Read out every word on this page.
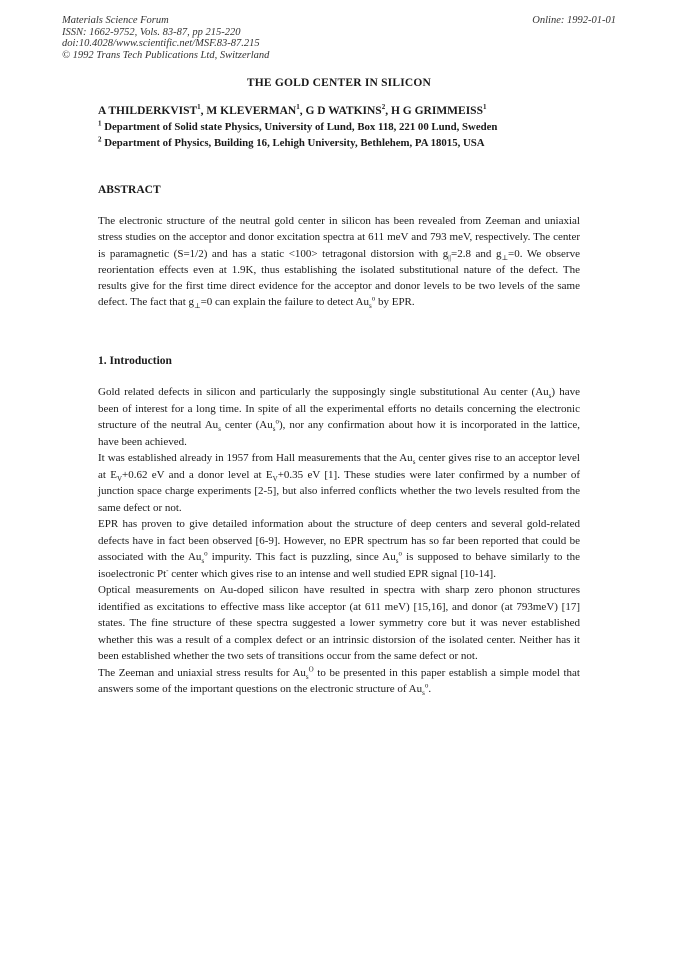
Materials Science Forum
ISSN: 1662-9752, Vols. 83-87, pp 215-220
doi:10.4028/www.scientific.net/MSF.83-87.215
© 1992 Trans Tech Publications Ltd, Switzerland
Online: 1992-01-01
THE GOLD CENTER IN SILICON
A THILDERKVIST$^1$, M KLEVERMAN$^1$, G D WATKINS$^2$, H G GRIMMEISS$^1$
$^1$ Department of Solid state Physics, University of Lund, Box 118, 221 00 Lund, Sweden
$^2$ Department of Physics, Building 16, Lehigh University, Bethlehem, PA 18015, USA
ABSTRACT

The electronic structure of the neutral gold center in silicon has been revealed from Zeeman and uniaxial stress studies on the acceptor and donor excitation spectra at 611 meV and 793 meV, respectively. The center is paramagnetic (S=1/2) and has a static <100> tetragonal distorsion with $g_{||}=2.8$ and $g_\perp=0$. We observe reorientation effects even at 1.9K, thus establishing the isolated substitutional nature of the defect. The results give for the first time direct evidence for the acceptor and donor levels to be two levels of the same defect. The fact that $g_\perp=0$ can explain the failure to detect $Au_s^o$ by EPR.

1. Introduction

Gold related defects in silicon and particularly the supposingly single substitutional Au center $(Au_s)$ have been of interest for a long time. In spite of all the experimental efforts no details concerning the electronic structure of the neutral $Au_s$ center $(Au_s^o)$, nor any confirmation about how it is incorporated in the lattice, have been achieved.

It was established already in 1957 from Hall measurements that the $Au_s$ center gives rise to an acceptor level at $E_V+0.62$ eV and a donor level at $E_V+0.35$ eV [1]. These studies were later confirmed by a number of junction space charge experiments [2-5], but also inferred conflicts whether the two levels resulted from the same defect or not.

EPR has proven to give detailed information about the structure of deep centers and several gold-related defects have in fact been observed [6-9]. However, no EPR spectrum has so far been reported that could be associated with the $Au_s^o$ impurity. This fact is puzzling, since $Au_s^o$ is supposed to behave similarly to the isoelectronic Pt- center which gives rise to an intense and well studied EPR signal [10-14].

Optical measurements on Au-doped silicon have resulted in spectra with sharp zero phonon structures identified as excitations to effective mass like acceptor (at 611 meV) [15,16], and donor (at 793meV) [17] states. The fine structure of these spectra suggested a lower symmetry core but it was never established whether this was a result of a complex defect or an intrinsic distorsion of the isolated center. Neither has it been established whether the two sets of transitions occur from the same defect or not.

The Zeeman and uniaxial stress results for $Au_s^O$ to be presented in this paper establish a simple model that answers some of the important questions on the electronic structure of $Au_s^o$.
